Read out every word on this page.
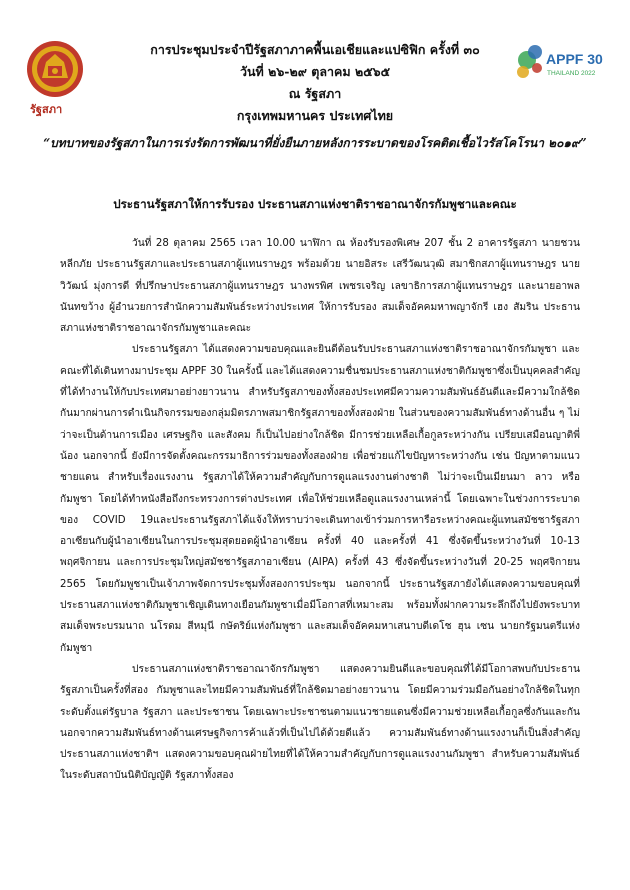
รัฐสภา
APPF 30
THAILAND 2022
การประชุมประจำปีรัฐสภาภาคพื้นเอเชียและแปซิฟิก ครั้งที่ ๓๐
วันที่ ๒๖-๒๙ ตุลาคม ๒๕๖๕
ณ รัฐสภา
กรุงเทพมหานคร ประเทศไทย
“บทบาทของรัฐสภาในการเร่งรัดการพัฒนาที่ยั่งยืนภายหลังการระบาดของโรคติดเชื้อไวรัสโคโรนา ๒๐๑๙”
ประธานรัฐสภาให้การรับรอง ประธานสภาแห่งชาติราชอาณาจักรกัมพูชาและคณะ

วันที่ 28 ตุลาคม 2565 เวลา 10.00 นาฬิกา ณ ห้องรับรองพิเศษ 207 ชั้น 2 อาคารรัฐสภา นายชวน หลีกภัย ประธานรัฐสภาและประธานสภาผู้แทนราษฎร พร้อมด้วย นายอิสระ เสรีวัฒนวุฒิ สมาชิกสภาผู้แทนราษฎร นายวิวัฒน์ มุ่งการดี ที่ปรึกษาประธานสภาผู้แทนราษฎร นางพรพิศ เพชรเจริญ เลขาธิการสภาผู้แทนราษฎร และนายอาพล นันทขว้าง ผู้อำนวยการสำนักความสัมพันธ์ระหว่างประเทศ ให้การรับรอง สมเด็จอัคคมหาพญาจักรี เฮง สัมริน ประธานสภาแห่งชาติราชอาณาจักรกัมพูชาและคณะ

ประธานรัฐสภา ได้แสดงความขอบคุณและยินดีต้อนรับประธานสภาแห่งชาติราชอาณาจักรกัมพูชา และคณะที่ได้เดินทางมาประชุม APPF 30 ในครั้งนี้ และได้แสดงความชื่นชมประธานสภาแห่งชาติกัมพูชาซึ่งเป็นบุคคลสำคัญที่ได้ทำงานให้กับประเทศมาอย่างยาวนาน สำหรับรัฐสภาของทั้งสองประเทศมีความความสัมพันธ์อันดีและมีความใกล้ชิดกันมากผ่านการดำเนินกิจกรรมของกลุ่มมิตรภาพสมาชิกรัฐสภาของทั้งสองฝ่าย ในส่วนของความสัมพันธ์ทางด้านอื่น ๆ ไม่ว่าจะเป็นด้านการเมือง เศรษฐกิจ และสังคม ก็เป็นไปอย่างใกล้ชิด มีการช่วยเหลือเกื้อกูลระหว่างกัน เปรียบเสมือนญาติพี่น้อง นอกจากนี้ ยังมีการจัดตั้งคณะกรรมาธิการร่วมของทั้งสองฝ่าย เพื่อช่วยแก้ไขปัญหาระหว่างกัน เช่น ปัญหาตามแนวชายแดน สำหรับเรื่องแรงงาน รัฐสภาได้ให้ความสำคัญกับการดูแลแรงงานต่างชาติ ไม่ว่าจะเป็นเมียนมา ลาว หรือ กัมพูชา โดยได้ทำหนังสือถึงกระทรวงการต่างประเทศ เพื่อให้ช่วยเหลือดูแลแรงงานเหล่านี้ โดยเฉพาะในช่วงการระบาดของ COVID 19และประธานรัฐสภาได้แจ้งให้ทราบว่าจะเดินทางเข้าร่วมการหารือระหว่างคณะผู้แทนสมัชชารัฐสภาอาเซียนกับผู้นำอาเซียนในการประชุมสุดยอดผู้นำอาเซียน ครั้งที่ 40 และครั้งที่ 41 ซึ่งจัดขึ้นระหว่างวันที่ 10-13 พฤศจิกายน และการประชุมใหญ่สมัชชารัฐสภาอาเซียน (AIPA) ครั้งที่ 43 ซึ่งจัดขึ้นระหว่างวันที่ 20-25 พฤศจิกายน 2565 โดยกัมพูชาเป็นเจ้าภาพจัดการประชุมทั้งสองการประชุม นอกจากนี้ ประธานรัฐสภายังได้แสดงความขอบคุณที่ประธานสภาแห่งชาติกัมพูชาเชิญเดินทางเยือนกัมพูชาเมื่อมีโอกาสที่เหมาะสม พร้อมทั้งฝากความระลึกถึงไปยังพระบาทสมเด็จพระบรมนาถ นโรดม สีหมุนี กษัตริย์แห่งกัมพูชา และสมเด็จอัคคมหาเสนาบดีเดโช ฮุน เซน นายกรัฐมนตรีแห่งกัมพูชา

ประธานสภาแห่งชาติราชอาณาจักรกัมพูชา แสดงความยินดีและขอบคุณที่ได้มีโอกาสพบกับประธานรัฐสภาเป็นครั้งที่สอง กัมพูชาและไทยมีความสัมพันธ์ที่ใกล้ชิดมาอย่างยาวนาน โดยมีความร่วมมือกันอย่างใกล้ชิดในทุกระดับตั้งแต่รัฐบาล รัฐสภา และประชาชน โดยเฉพาะประชาชนตามแนวชายแดนซึ่งมีความช่วยเหลือเกื้อกูลซึ่งกันและกัน นอกจากความสัมพันธ์ทางด้านเศรษฐกิจการค้าแล้วที่เป็นไปได้ด้วยดีแล้ว ความสัมพันธ์ทางด้านแรงงานก็เป็นสิ่งสำคัญ ประธานสภาแห่งชาติฯ แสดงความขอบคุณฝ่ายไทยที่ได้ให้ความสำคัญกับการดูแลแรงงานกัมพูชา สำหรับความสัมพันธ์ในระดับสถาบันนิติบัญญัติ รัฐสภาทั้งสอง
